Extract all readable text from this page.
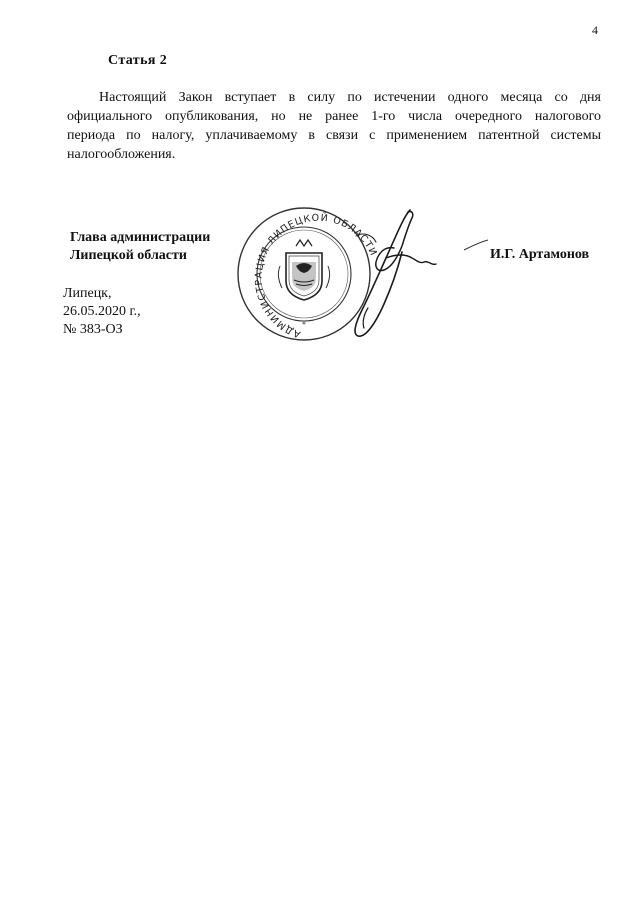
4
Статья 2
Настоящий Закон вступает в силу по истечении одного месяца со дня
официального опубликования, но не ранее 1-го числа очередного налогового
периода по налогу, уплачиваемому в связи с применением патентной системы
налогообложения.
Глава администрации
Липецкой области
АДМИНИСТРАЦИЯ ЛИПЕЦКОЙ ОБЛАСТИ
*
И.Г. Артамонов
Липецк,
26.05.2020 г.,
№ 383-ОЗ
